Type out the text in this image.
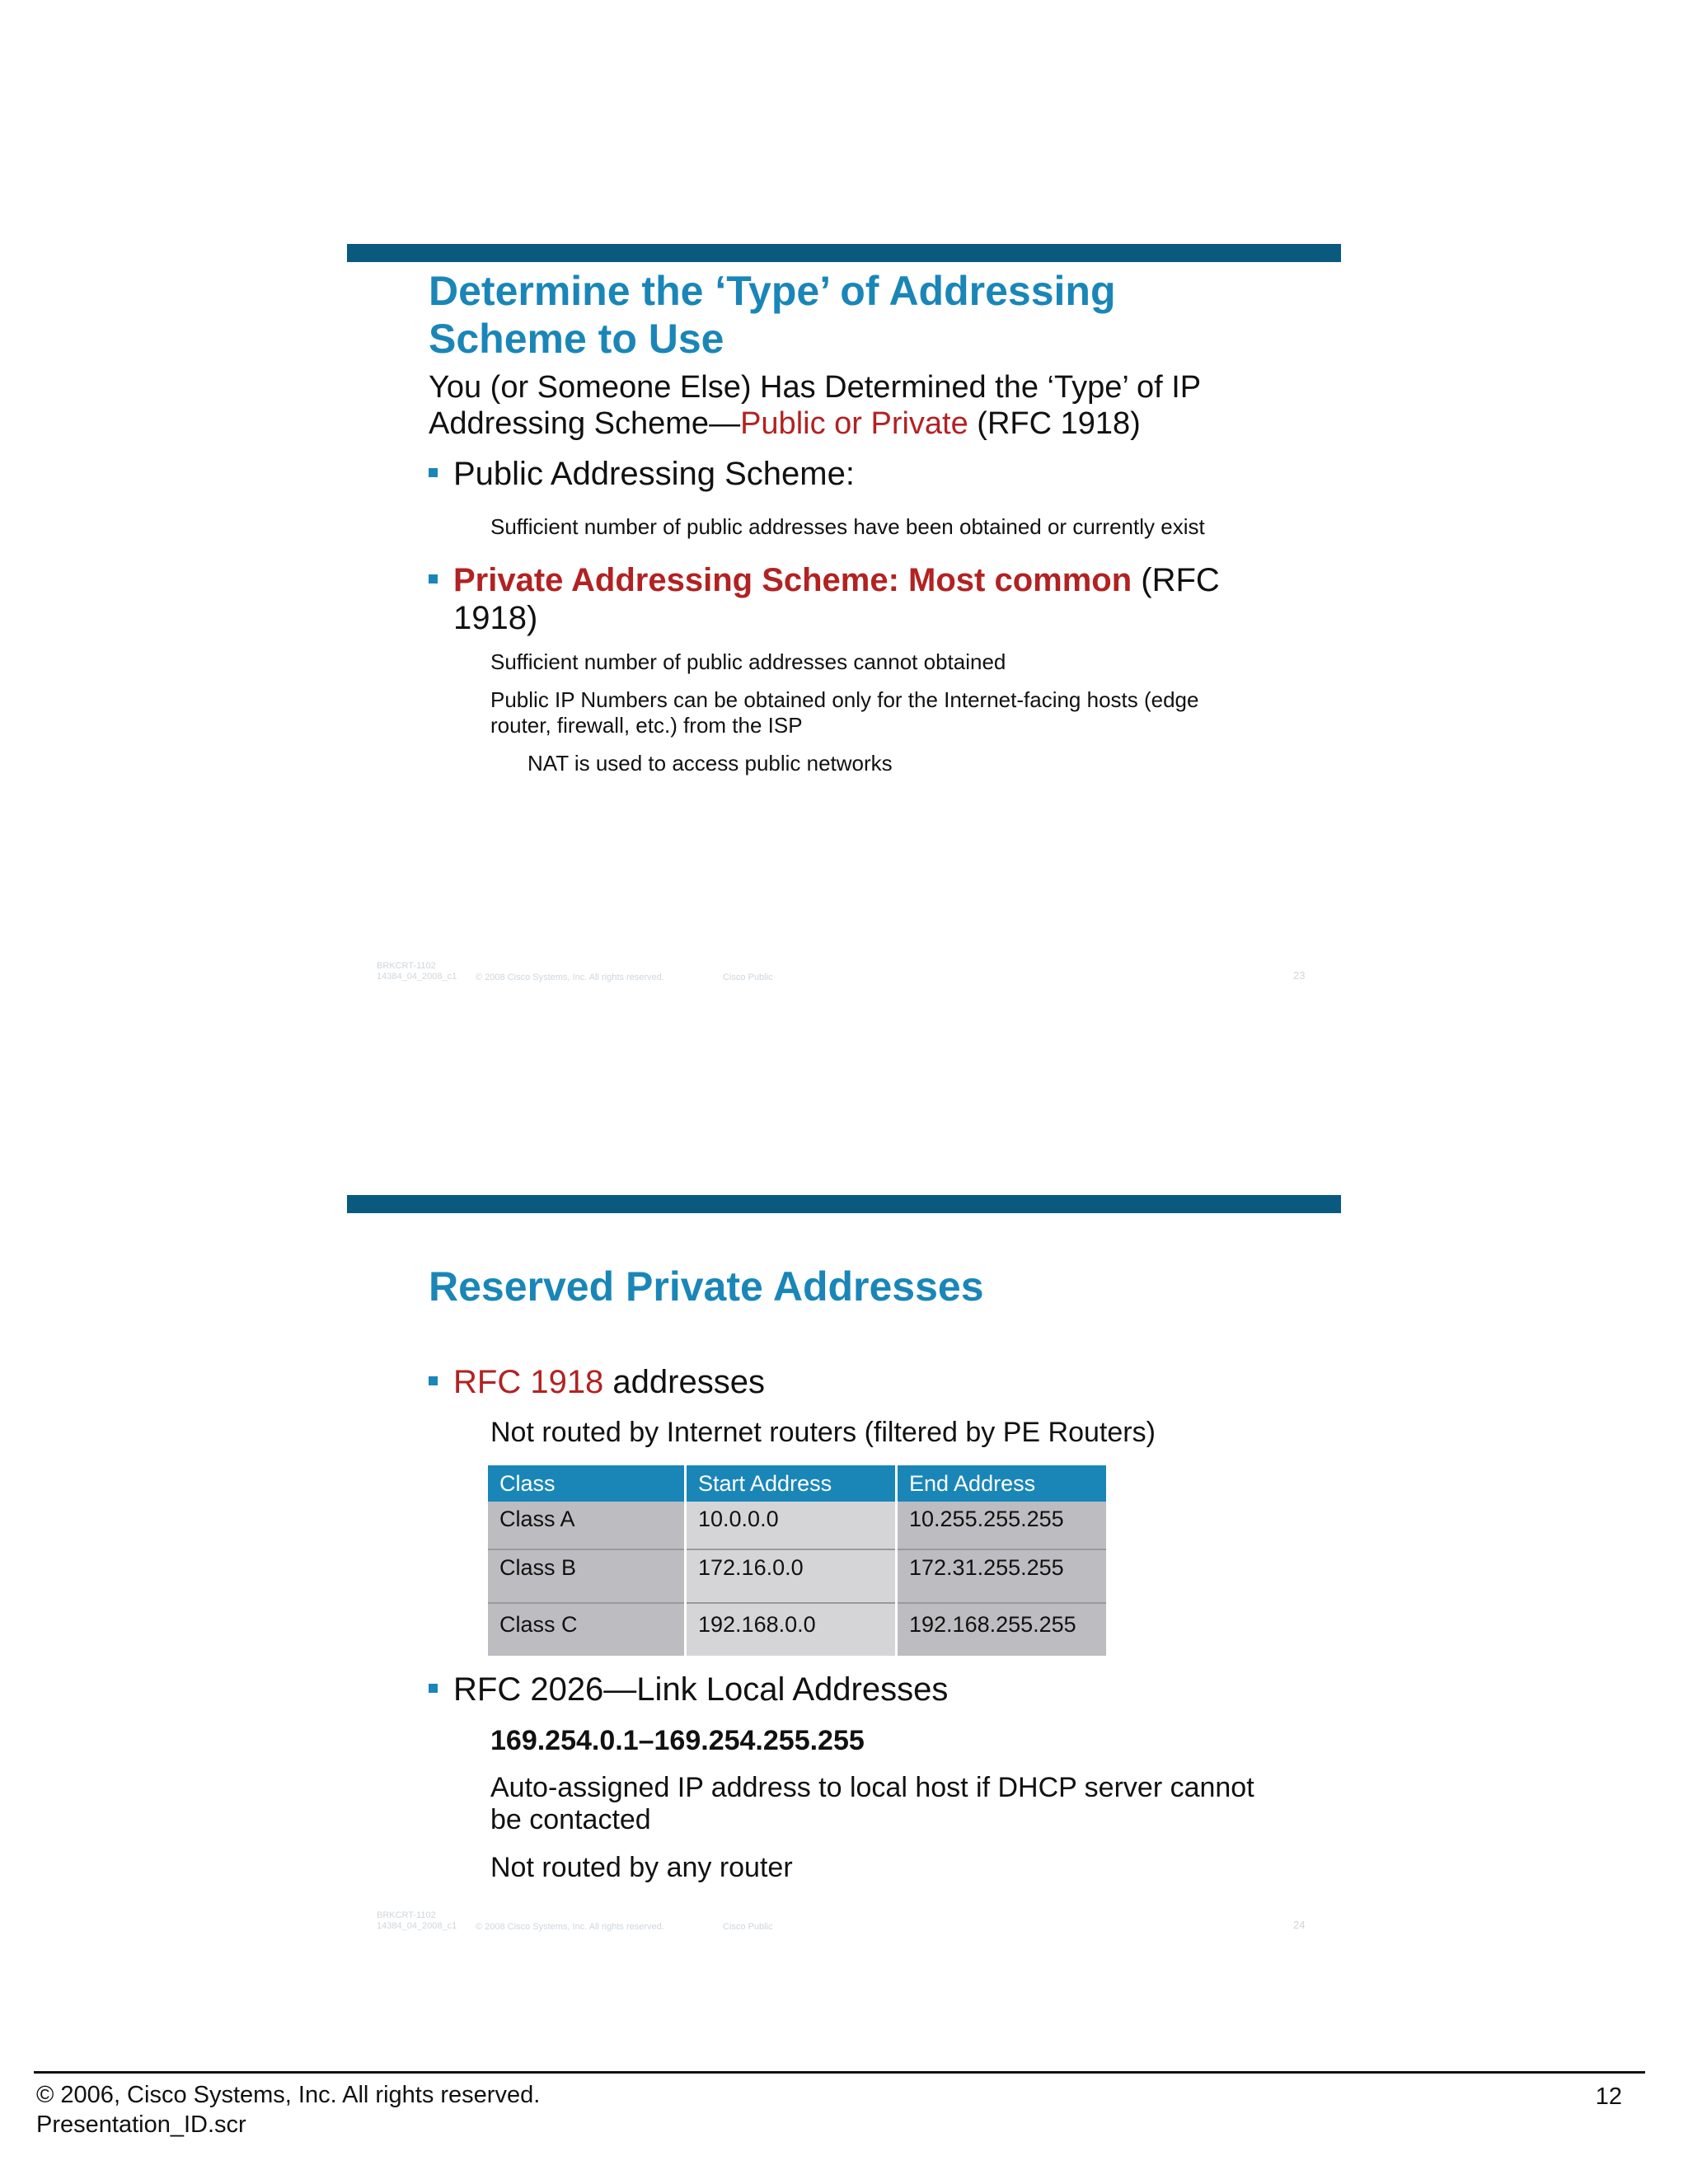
Determine the ‘Type’ of Addressing Scheme to Use
You (or Someone Else) Has Determined the ‘Type’ of IP Addressing Scheme—Public or Private (RFC 1918)
Public Addressing Scheme:
Sufficient number of public addresses have been obtained or currently exist
Private Addressing Scheme: Most common (RFC 1918)
Sufficient number of public addresses cannot obtained
Public IP Numbers can be obtained only for the Internet-facing hosts (edge router, firewall, etc.) from the ISP
NAT is used to access public networks
BRKCRT-1102 14384_04_2008_c1 © 2008 Cisco Systems, Inc. All rights reserved.	Cisco Public	23
Reserved Private Addresses
RFC 1918 addresses
Not routed by Internet routers (filtered by PE Routers)
Class	Start Address	End Address
Class A	10.0.0.0	10.255.255.255
Class B	172.16.0.0	172.31.255.255
Class C	192.168.0.0	192.168.255.255
RFC 2026—Link Local Addresses
169.254.0.1–169.254.255.255
Auto-assigned IP address to local host if DHCP server cannot be contacted
Not routed by any router
BRKCRT-1102 14384_04_2008_c1 © 2008 Cisco Systems, Inc. All rights reserved.	Cisco Public	24
© 2006, Cisco Systems, Inc. All rights reserved.
Presentation_ID.scr
12
